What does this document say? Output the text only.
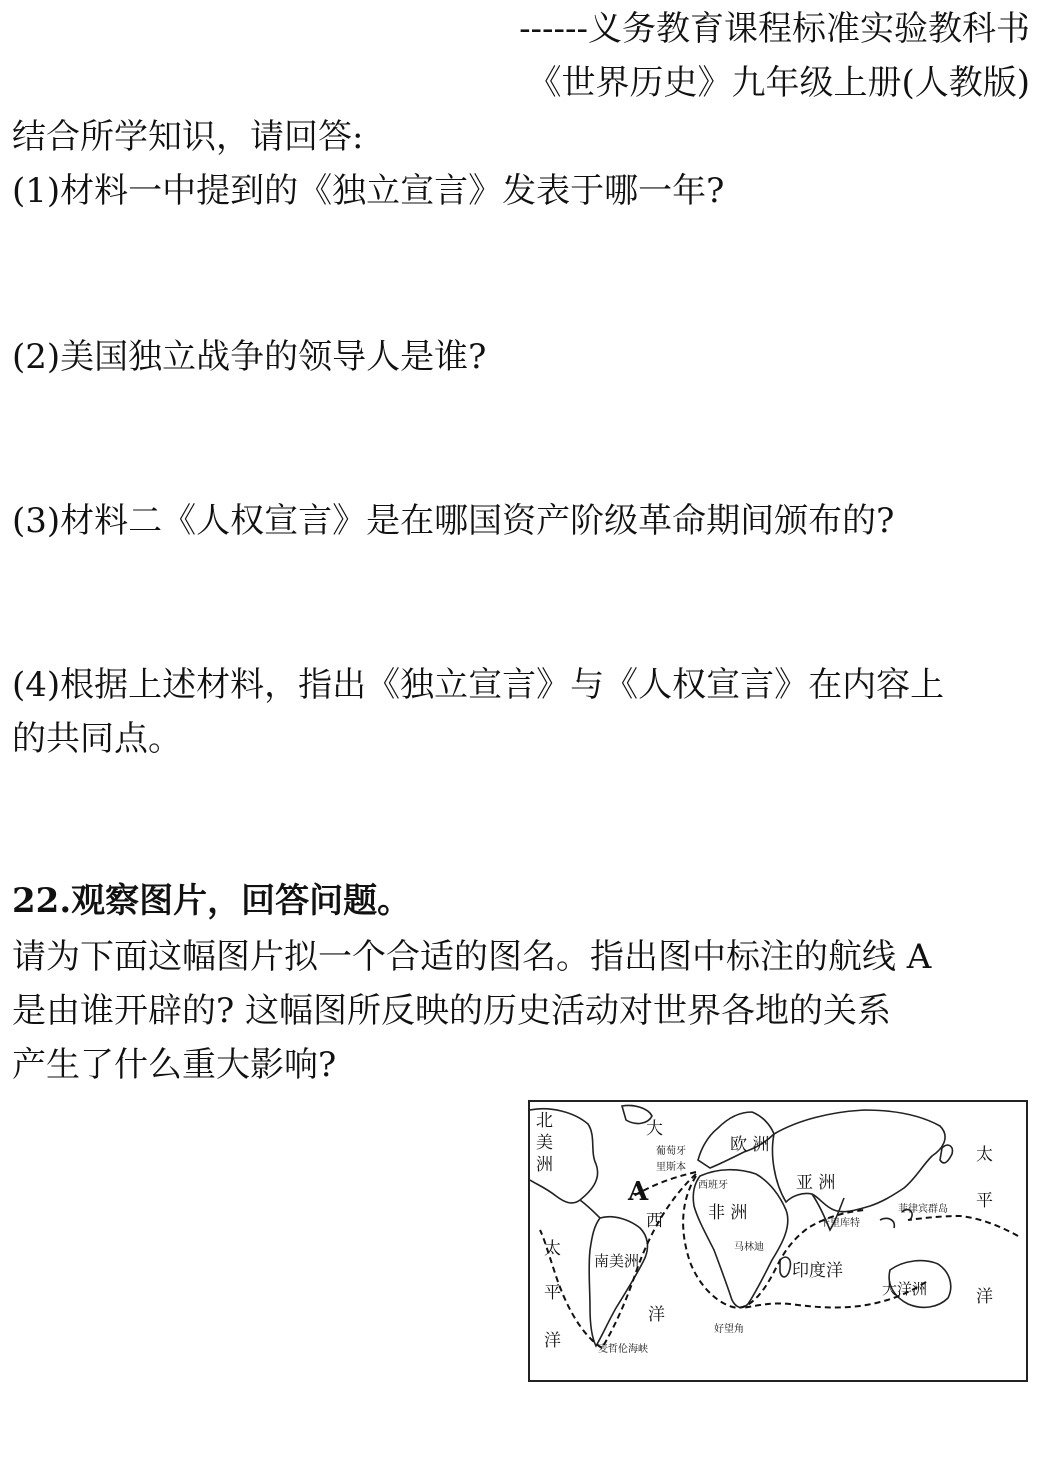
------义务教育课程标准实验教科书
《世界历史》九年级上册(人教版)
结合所学知识，请回答:
(1)材料一中提到的《独立宣言》发表于哪一年?
(2)美国独立战争的领导人是谁?
(3)材料二《人权宣言》是在哪国资产阶级革命期间颁布的?
(4)根据上述材料，指出《独立宣言》与《人权宣言》在内容上
的共同点。
22.观察图片，回答问题。
请为下面这幅图片拟一个合适的图名。指出图中标注的航线 A
是由谁开辟的? 这幅图所反映的历史活动对世界各地的关系
产生了什么重大影响?
北
美
洲
大
西
洋
葡萄牙
里斯本
西班牙
欧 洲
亚 洲
非 洲
南美洲
A
太
平
洋
太
平
洋
印度洋
大洋洲
菲律宾群岛
卡里库特
马林迪
好望角
麦哲伦海峡
